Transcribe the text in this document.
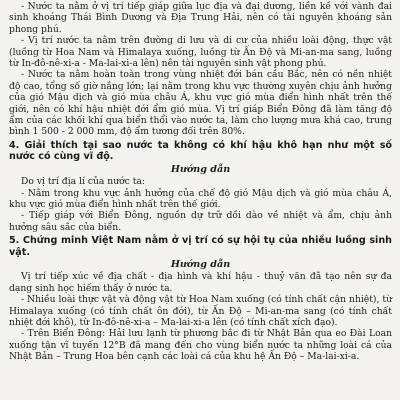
- Nước ta nằm ở vị trí tiếp giáp giữa lục địa và đại dương, liền kề với vành đai sinh khoáng Thái Bình Dương và Địa Trung Hải, nên có tài nguyên khoáng sản phong phú.

- Vị trí nước ta nằm trên đường di lưu và di cư của nhiều loài động, thực vật (luồng từ Hoa Nam và Himalaya xuống, luồng từ Ấn Độ và Mi-an-ma sang, luồng từ In-đô-nê-xi-a - Ma-lai-xi-a lên) nên tài nguyên sinh vật phong phú.

- Nước ta nằm hoàn toàn trong vùng nhiệt đới bán cầu Bắc, nên có nền nhiệt độ cao, tổng số giờ nắng lớn; lại nằm trong khu vực thường xuyên chịu ảnh hưởng của gió Mậu dịch và gió mùa châu Á, khu vực gió mùa điển hình nhất trên thế giới, nên có khí hậu nhiệt đới ẩm gió mùa. Vị trí giáp Biển Đông đã làm tăng độ ẩm của các khối khí qua biển thổi vào nước ta, làm cho lượng mưa khá cao, trung bình 1 500 - 2 000 mm, độ ẩm tương đối trên 80%.

4. Giải thích tại sao nước ta không có khí hậu khô hạn như một số nước có cùng vĩ độ.

Hướng dẫn

Do vị trí địa lí của nước ta:

- Nằm trong khu vực ảnh hưởng của chế độ gió Mậu dịch và gió mùa châu Á, khu vực gió mùa điển hình nhất trên thế giới.

- Tiếp giáp với Biển Đông, nguồn dự trữ dồi dào về nhiệt và ẩm, chịu ảnh hưởng sâu sắc của biển.

5. Chứng minh Việt Nam nằm ở vị trí có sự hội tụ của nhiều luồng sinh vật.

Hướng dẫn

Vị trí tiếp xúc về địa chất - địa hình và khí hậu - thuỷ văn đã tạo nên sự đa dạng sinh học hiếm thấy ở nước ta.

- Nhiều loài thực vật và động vật từ Hoa Nam xuống (có tính chất cận nhiệt), từ Himalaya xuống (có tính chất ôn đới), từ Ấn Độ – Mi-an-ma sang (có tính chất nhiệt đới khô), từ In-đô-nê-xi-a – Ma-lai-xi-a lên (có tính chất xích đạo).

- Trên Biển Đông: Hải lưu lạnh từ phương bắc đi từ Nhật Bản qua eo Đài Loan xuống tận vĩ tuyến 12°B đã mang đến cho vùng biển nước ta những loài cá của Nhật Bản – Trung Hoa bên cạnh các loài cá của khu hệ Ấn Độ – Ma-lai-xi-a.
